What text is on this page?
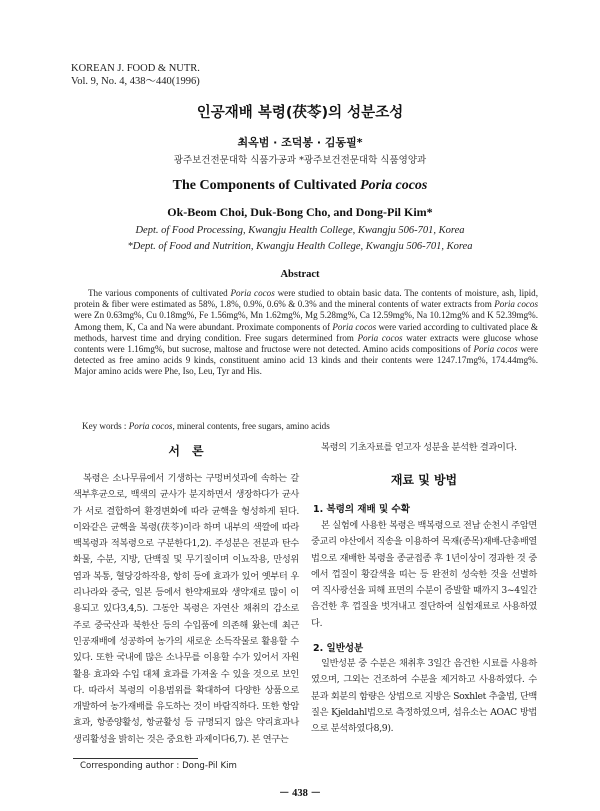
KOREAN J. FOOD & NUTR.
Vol. 9, No. 4, 438～440(1996)
인공재배 복령(茯苓)의 성분조성
최옥범 · 조덕봉 · 김동필*
광주보건전문대학 식품가공과 *광주보건전문대학 식품영양과
The Components of Cultivated Poria cocos
Ok-Beom Choi, Duk-Bong Cho, and Dong-Pil Kim*
Dept. of Food Processing, Kwangju Health College, Kwangju 506-701, Korea
*Dept. of Food and Nutrition, Kwangju Health College, Kwangju 506-701, Korea
Abstract

The various components of cultivated Poria cocos were studied to obtain basic data. The contents of moisture, ash, lipid, protein & fiber were estimated as 58%, 1.8%, 0.9%, 0.6% & 0.3% and the mineral contents of water extracts from Poria cocos were Zn 0.63mg%, Cu 0.18mg%, Fe 1.56mg%, Mn 1.62mg%, Mg 5.28mg%, Ca 12.59mg%, Na 10.12mg% and K 52.39mg%. Among them, K, Ca and Na were abundant. Proximate components of Poria cocos were varied according to cultivated place & methods, harvest time and drying condition. Free sugars determined from Poria cocos water extracts were glucose whose contents were 1.16mg%, but sucrose, maltose and fructose were not detected. Amino acids compositions of Poria cocos were detected as free amino acids 9 kinds, constituent amino acid 13 kinds and their contents were 1247.17mg%, 174.44mg%. Major amino acids were Phe, Iso, Leu, Tyr and His.

Key words : Poria cocos, mineral contents, free sugars, amino acids
서　론

복령은 소나무류에서 기생하는 구멍버섯과에 속하는 갈색부후균으로, 백색의 균사가 분지하면서 생장하다가 균사가 서로 결합하여 환경변화에 따라 균핵을 형성하게 된다. 이와같은 균핵을 복령(茯苓)이라 하며 내부의 색깔에 따라 백복령과 적복령으로 구분한다1,2). 주성분은 전분과 탄수화물, 수분, 지방, 단백질 및 무기질이며 이뇨작용, 만성위염과 복통, 혈당강하작용, 항히 등에 효과가 있어 옛부터 우리나라와 중국, 일본 등에서 한약재료와 생약재로 많이 이용되고 있다3,4,5). 그동안 복령은 자연산 채취의 감소로 주로 중국산과 북한산 등의 수입품에 의존해 왔는데 최근 인공재배에 성공하여 농가의 새로운 소득작물로 활용할 수 있다. 또한 국내에 많은 소나무를 이용할 수가 있어서 자원활용 효과와 수입 대체 효과를 가져올 수 있을 것으로 보인다. 따라서 복령의 이용범위를 확대하여 다양한 상품으로 개발하여 농가재배를 유도하는 것이 바람직하다. 또한 항암효과, 항종양활성, 항균활성 등 규명되지 않은 약리효과나 생리활성을 밝히는 것은 중요한 과제이다6,7). 본 연구는

복령의 기초자료를 얻고자 성분을 분석한 결과이다.

재료 및 방법
1. 복령의 재배 및 수확

본 실험에 사용한 복령은 백복령으로 전남 순천시 주암면 중교리 야산에서 직송을 이용하여 목재(종목)재배-단총배열법으로 재배한 복령을 종균접종 후 1년이상이 경과한 것 중에서 껍질이 황갈색을 띠는 등 완전히 성숙한 것을 선별하여 직사광선을 피해 표면의 수분이 증발할 때까지 3~4일간 음건한 후 껍질을 벗겨내고 절단하여 실험재료로 사용하였다.

2. 일반성분

일반성분 중 수분은 채취후 3일간 음건한 시료를 사용하였으며, 그외는 건조하여 수분을 제거하고 사용하였다. 수분과 회분의 함량은 상법으로 지방은 Soxhlet 추출법, 단백질은 Kjeldahl법으로 측정하였으며, 섬유소는 AOAC 방법으로 분석하였다8,9).

Corresponding author : Dong-Pil Kim
－ 438 －
